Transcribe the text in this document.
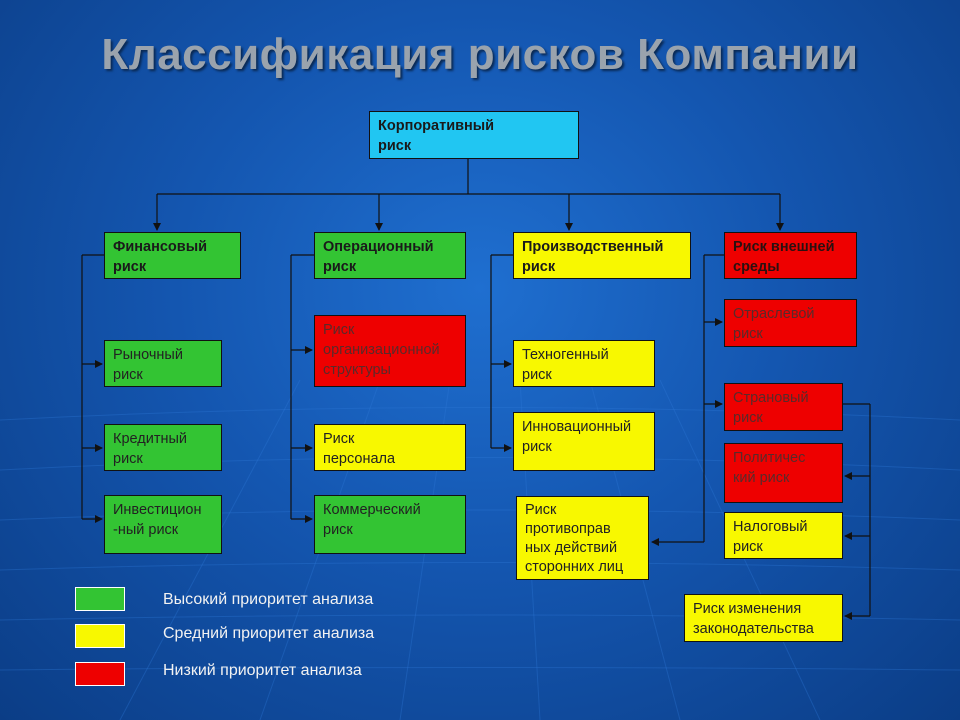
Классификация рисков Компании
Корпоративный
риск
Финансовый
риск
Рыночный
риск
Кредитный
риск
Инвестицион
-ный риск
Операционный
риск
Риск
организационной
структуры
Риск
персонала
Коммерческий
риск
Производственный
риск
Техногенный
риск
Инновационный
риск
Риск
противоправ
ных действий
сторонних лиц
Риск внешней
среды
Отраслевой
риск
Страновый
риск
Политичес
кий риск
Налоговый
риск
Риск изменения
законодательства
Высокий приоритет анализа
Средний приоритет анализа
Низкий приоритет анализа
